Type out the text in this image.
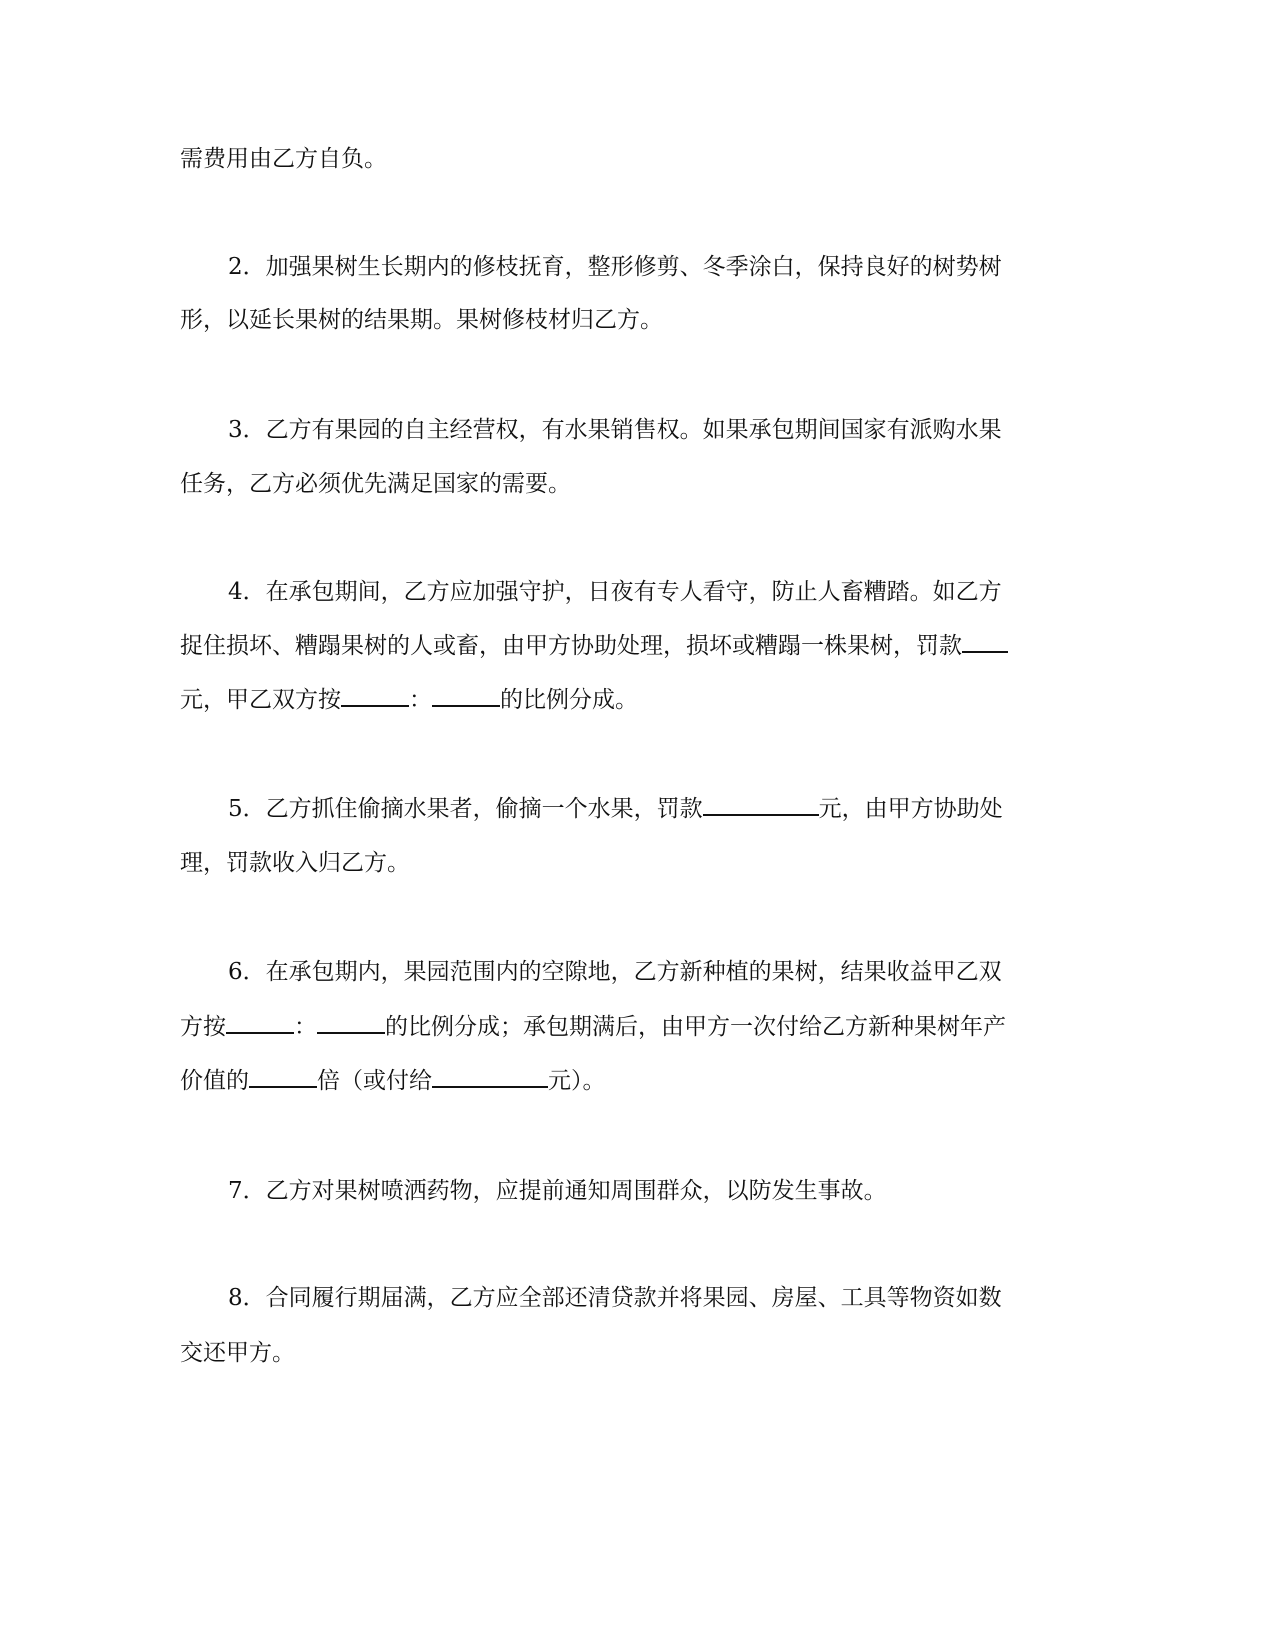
需费用由乙方自负。
2．加强果树生长期内的修枝抚育，整形修剪、冬季涂白，保持良好的树势树
形，以延长果树的结果期。果树修枝材归乙方。
3．乙方有果园的自主经营权，有水果销售权。如果承包期间国家有派购水果
任务，乙方必须优先满足国家的需要。
4．在承包期间，乙方应加强守护，日夜有专人看守，防止人畜糟踏。如乙方
捉住损坏、糟蹋果树的人或畜，由甲方协助处理，损坏或糟蹋一株果树，罚款
元，甲乙双方按	：	的比例分成。
5．乙方抓住偷摘水果者，偷摘一个水果，罚款	元，由甲方协助处
理，罚款收入归乙方。
6．在承包期内，果园范围内的空隙地，乙方新种植的果树，结果收益甲乙双
方按	：	的比例分成；承包期满后，由甲方一次付给乙方新种果树年产
价值的	倍（或付给	元）。
7．乙方对果树喷洒药物，应提前通知周围群众，以防发生事故。
8．合同履行期届满，乙方应全部还清贷款并将果园、房屋、工具等物资如数
交还甲方。
